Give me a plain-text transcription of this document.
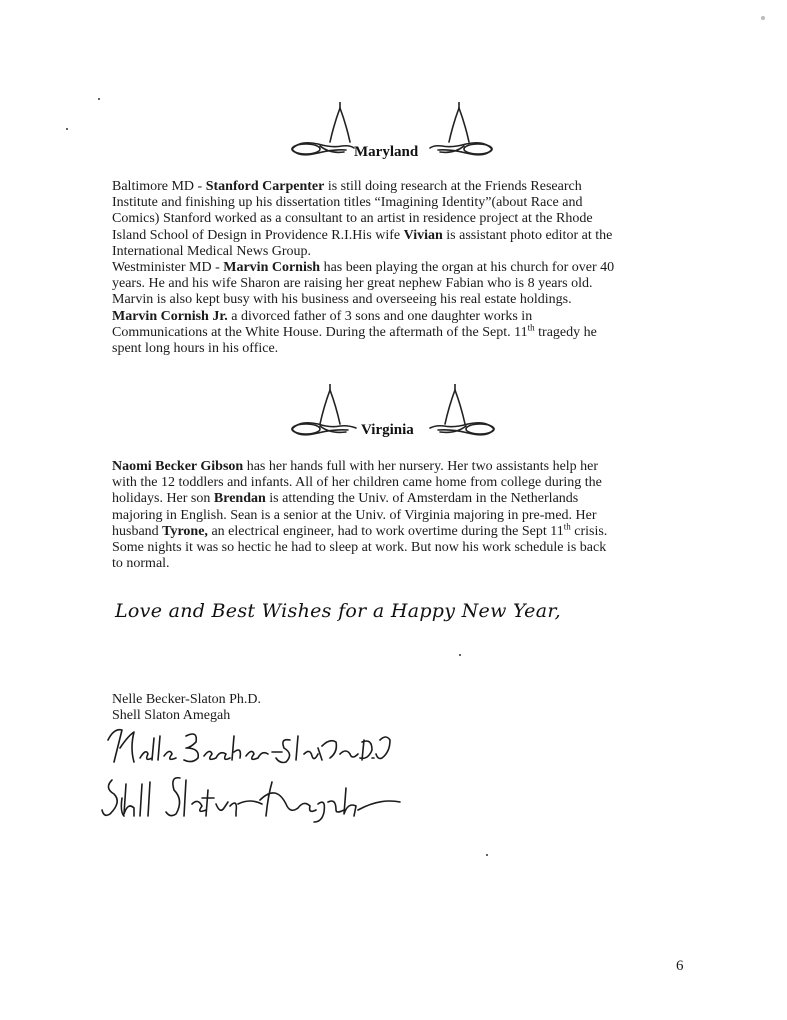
Maryland
Baltimore MD - Stanford Carpenter is still doing research at the Friends Research
Institute and finishing up his dissertation titles “Imagining Identity”(about Race and
Comics) Stanford worked as a consultant to an artist in residence project at the Rhode
Island School of Design in Providence R.I.His wife Vivian is assistant photo editor at the
International Medical News Group.
Westminister MD - Marvin Cornish has been playing the organ at his church for over 40
years. He and his wife Sharon are raising her great nephew Fabian who is 8 years old.
Marvin is also kept busy with his business and overseeing his real estate holdings.
Marvin Cornish Jr. a divorced father of 3 sons and one daughter works in
Communications at the White House. During the aftermath of the Sept. 11th tragedy he
spent long hours in his office.
Virginia
Naomi Becker Gibson has her hands full with her nursery. Her two assistants help her
with the 12 toddlers and infants. All of her children came home from college during the
holidays. Her son Brendan is attending the Univ. of Amsterdam in the Netherlands
majoring in English. Sean is a senior at the Univ. of Virginia majoring in pre-med. Her
husband Tyrone, an electrical engineer, had to work overtime during the Sept 11th crisis.
Some nights it was so hectic he had to sleep at work. But now his work schedule is back
to normal.
Love and Best Wishes for a Happy New Year,
Nelle Becker-Slaton Ph.D.
Shell Slaton Amegah
6
